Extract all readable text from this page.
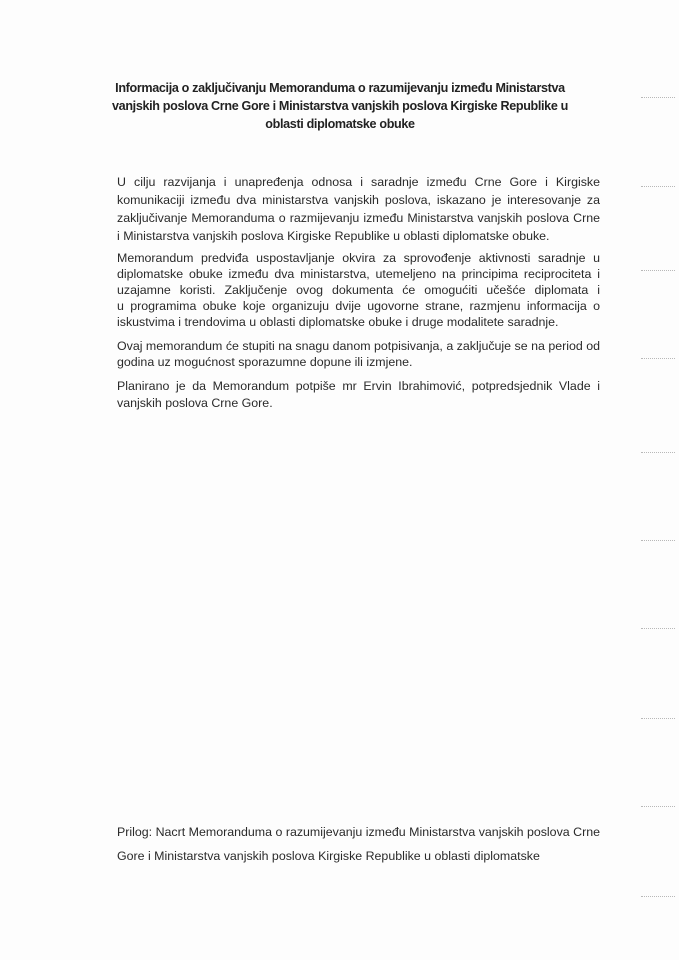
Informacija o zaključivanju Memoranduma o razumijevanju između Ministarstva
vanjskih poslova Crne Gore i Ministarstva vanjskih poslova Kirgiske Republike u
oblasti diplomatske obuke
U cilju razvijanja i unapređenja odnosa i saradnje između Crne Gore i Kirgiske
komunikaciji između dva ministarstva vanjskih poslova, iskazano je interesovanje za
zaključivanje Memoranduma o razmijevanju između Ministarstva vanjskih poslova Crne
i Ministarstva vanjskih poslova Kirgiske Republike u oblasti diplomatske obuke.
Memorandum predviđa uspostavljanje okvira za sprovođenje aktivnosti saradnje u
diplomatske obuke između dva ministarstva, utemeljeno na principima reciprociteta i
uzajamne koristi. Zaključenje ovog dokumenta će omogućiti učešće diplomata i
u programima obuke koje organizuju dvije ugovorne strane, razmjenu informacija o
iskustvima i trendovima u oblasti diplomatske obuke i druge modalitete saradnje.
Ovaj memorandum će stupiti na snagu danom potpisivanja, a zaključuje se na period od
godina uz mogućnost sporazumne dopune ili izmjene.
Planirano je da Memorandum potpiše mr Ervin Ibrahimović, potpredsjednik Vlade i
vanjskih poslova Crne Gore.
Prilog: Nacrt Memoranduma o razumijevanju između Ministarstva vanjskih poslova Crne
Gore i Ministarstva vanjskih poslova Kirgiske Republike u oblasti diplomatske
